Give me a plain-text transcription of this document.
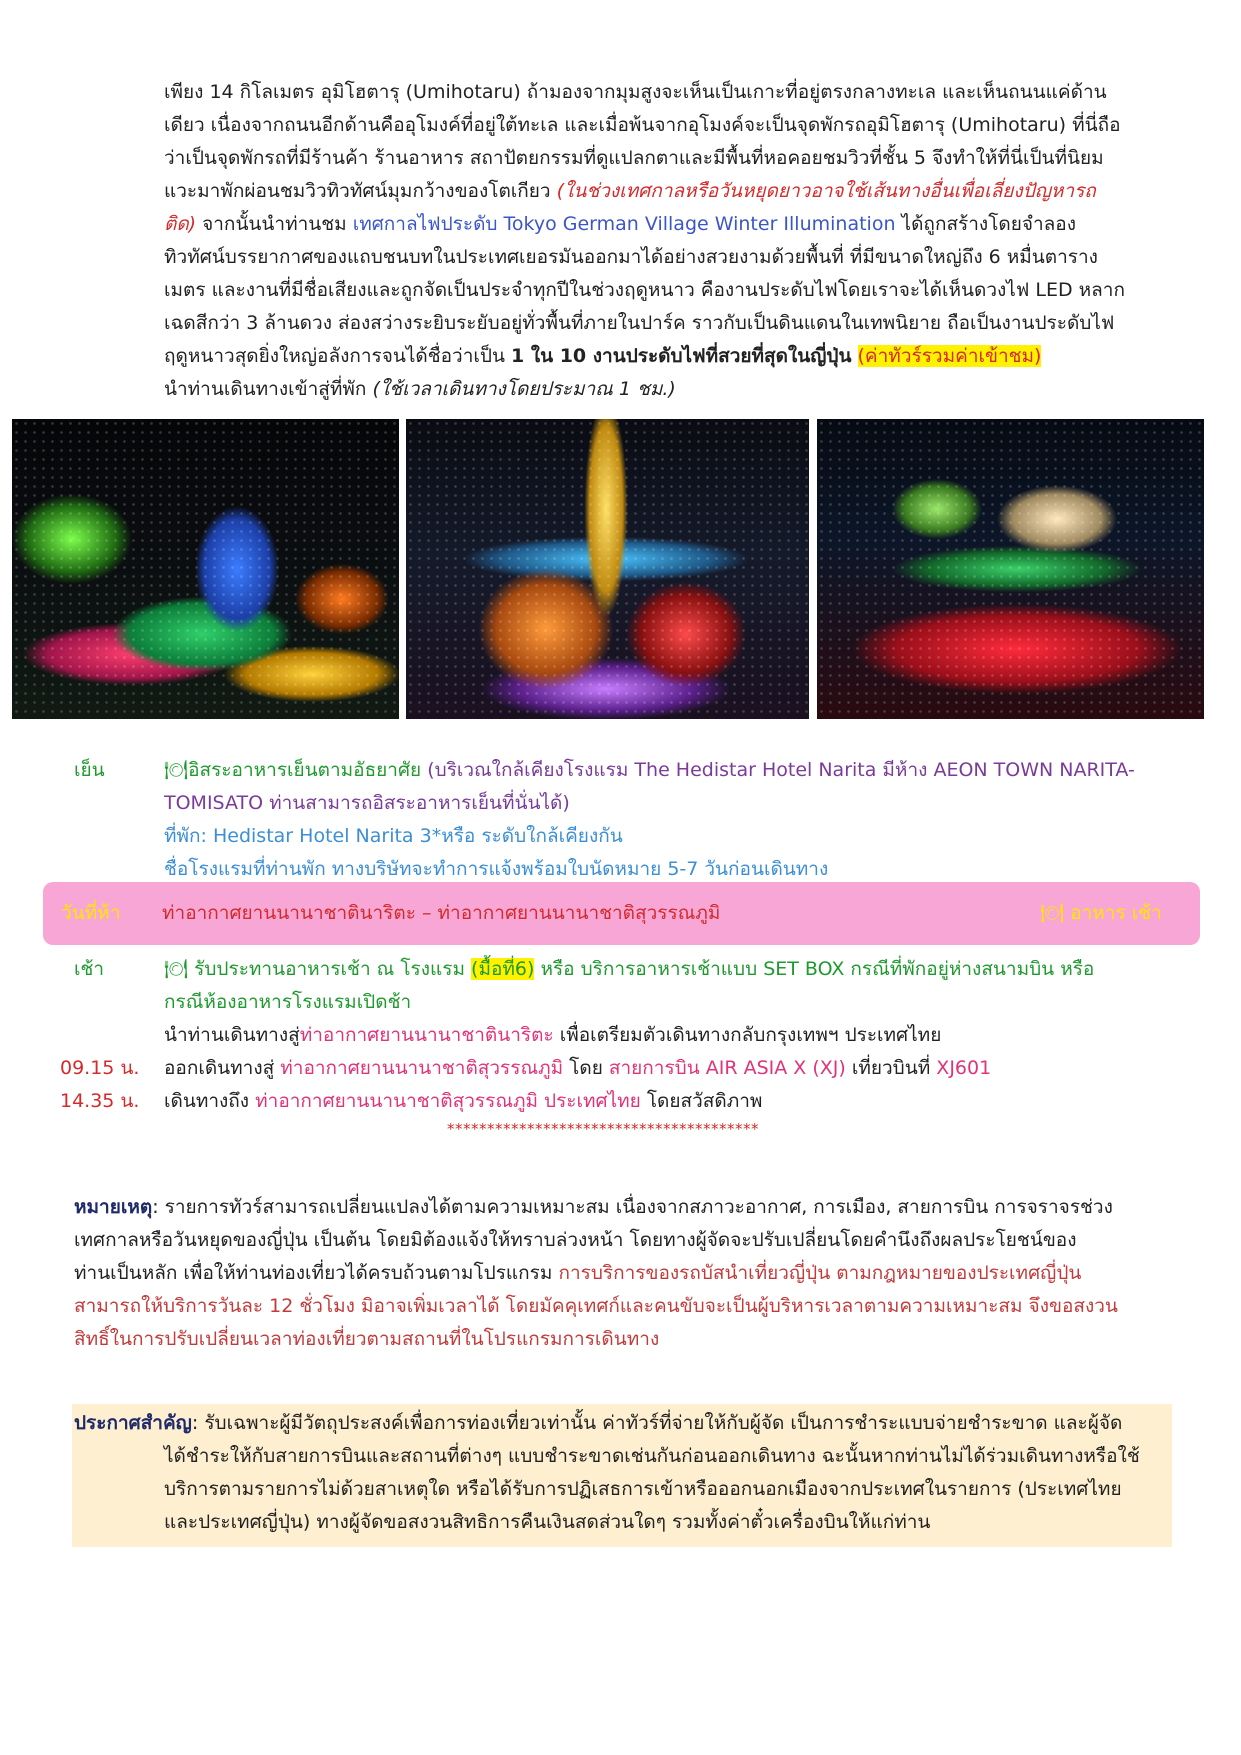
เพียง 14 กิโลเมตร อุมิโฮตารุ (Umihotaru) ถ้ามองจากมุมสูงจะเห็นเป็นเกาะที่อยู่ตรงกลางทะเล และเห็นถนนแค่ด้าน
เดียว เนื่องจากถนนอีกด้านคืออุโมงค์ที่อยู่ใต้ทะเล และเมื่อพ้นจากอุโมงค์จะเป็นจุดพักรถอุมิโฮตารุ (Umihotaru) ที่นี่ถือ
ว่าเป็นจุดพักรถที่มีร้านค้า ร้านอาหาร สถาปัตยกรรมที่ดูแปลกตาและมีพื้นที่หอคอยชมวิวที่ชั้น 5 จึงทำให้ที่นี่เป็นที่นิยม
แวะมาพักผ่อนชมวิวทิวทัศน์มุมกว้างของโตเกียว (ในช่วงเทศกาลหรือวันหยุดยาวอาจใช้เส้นทางอื่นเพื่อเลี่ยงปัญหารถ
ติด) จากนั้นนำท่านชม เทศกาลไฟประดับ Tokyo German Village Winter Illumination ได้ถูกสร้างโดยจำลอง
ทิวทัศน์บรรยากาศของแถบชนบทในประเทศเยอรมันออกมาได้อย่างสวยงามด้วยพื้นที่ ที่มีขนาดใหญ่ถึง 6 หมื่นตาราง
เมตร และงานที่มีชื่อเสียงและถูกจัดเป็นประจำทุกปีในช่วงฤดูหนาว คืองานประดับไฟโดยเราจะได้เห็นดวงไฟ LED หลาก
เฉดสีกว่า 3 ล้านดวง ส่องสว่างระยิบระยับอยู่ทั่วพื้นที่ภายในปาร์ค ราวกับเป็นดินแดนในเทพนิยาย ถือเป็นงานประดับไฟ
ฤดูหนาวสุดยิ่งใหญ่อลังการจนได้ชื่อว่าเป็น 1 ใน 10 งานประดับไฟที่สวยที่สุดในญี่ปุ่น (ค่าทัวร์รวมค่าเข้าชม)
นำท่านเดินทางเข้าสู่ที่พัก (ใช้เวลาเดินทางโดยประมาณ 1 ชม.)
เย็น	🍽อิสระอาหารเย็นตามอัธยาศัย (บริเวณใกล้เคียงโรงแรม The Hedistar Hotel Narita มีห้าง AEON TOWN NARITA-
TOMISATO ท่านสามารถอิสระอาหารเย็นที่นั่นได้)
ที่พัก: Hedistar Hotel Narita 3*หรือ ระดับใกล้เคียงกัน
ชื่อโรงแรมที่ท่านพัก ทางบริษัทจะทำการแจ้งพร้อมใบนัดหมาย 5-7 วันก่อนเดินทาง
วันที่ห้า ท่าอากาศยานนานาชาตินาริตะ – ท่าอากาศยานนานาชาติสุวรรณภูมิ	🍽 อาหาร เช้า
เช้า	🍽 รับประทานอาหารเช้า ณ โรงแรม (มื้อที่6) หรือ บริการอาหารเช้าแบบ SET BOX กรณีที่พักอยู่ห่างสนามบิน หรือ
กรณีห้องอาหารโรงแรมเปิดช้า
นำท่านเดินทางสู่ท่าอากาศยานนานาชาตินาริตะ เพื่อเตรียมตัวเดินทางกลับกรุงเทพฯ ประเทศไทย
09.15 น. ออกเดินทางสู่ ท่าอากาศยานนานาชาติสุวรรณภูมิ โดย สายการบิน AIR ASIA X (XJ) เที่ยวบินที่ XJ601
14.35 น. เดินทางถึง ท่าอากาศยานนานาชาติสุวรรณภูมิ ประเทศไทย โดยสวัสดิภาพ
***************************************
หมายเหตุ: รายการทัวร์สามารถเปลี่ยนแปลงได้ตามความเหมาะสม เนื่องจากสภาวะอากาศ, การเมือง, สายการบิน การจราจรช่วง
เทศกาลหรือวันหยุดของญี่ปุ่น เป็นต้น โดยมิต้องแจ้งให้ทราบล่วงหน้า โดยทางผู้จัดจะปรับเปลี่ยนโดยคำนึงถึงผลประโยชน์ของ
ท่านเป็นหลัก เพื่อให้ท่านท่องเที่ยวได้ครบถ้วนตามโปรแกรม การบริการของรถบัสนำเที่ยวญี่ปุ่น ตามกฎหมายของประเทศญี่ปุ่น
สามารถให้บริการวันละ 12 ชั่วโมง มิอาจเพิ่มเวลาได้ โดยมัคคุเทศก์และคนขับจะเป็นผู้บริหารเวลาตามความเหมาะสม จึงขอสงวน
สิทธิ์ในการปรับเปลี่ยนเวลาท่องเที่ยวตามสถานที่ในโปรแกรมการเดินทาง
ประกาศสำคัญ: รับเฉพาะผู้มีวัตถุประสงค์เพื่อการท่องเที่ยวเท่านั้น ค่าทัวร์ที่จ่ายให้กับผู้จัด เป็นการชำระแบบจ่ายชำระขาด และผู้จัด
ได้ชำระให้กับสายการบินและสถานที่ต่างๆ แบบชำระขาดเช่นกันก่อนออกเดินทาง ฉะนั้นหากท่านไม่ได้ร่วมเดินทางหรือใช้
บริการตามรายการไม่ด้วยสาเหตุใด หรือได้รับการปฏิเสธการเข้าหรือออกนอกเมืองจากประเทศในรายการ (ประเทศไทย
และประเทศญี่ปุ่น) ทางผู้จัดขอสงวนสิทธิการคืนเงินสดส่วนใดๆ รวมทั้งค่าตั๋วเครื่องบินให้แก่ท่าน
